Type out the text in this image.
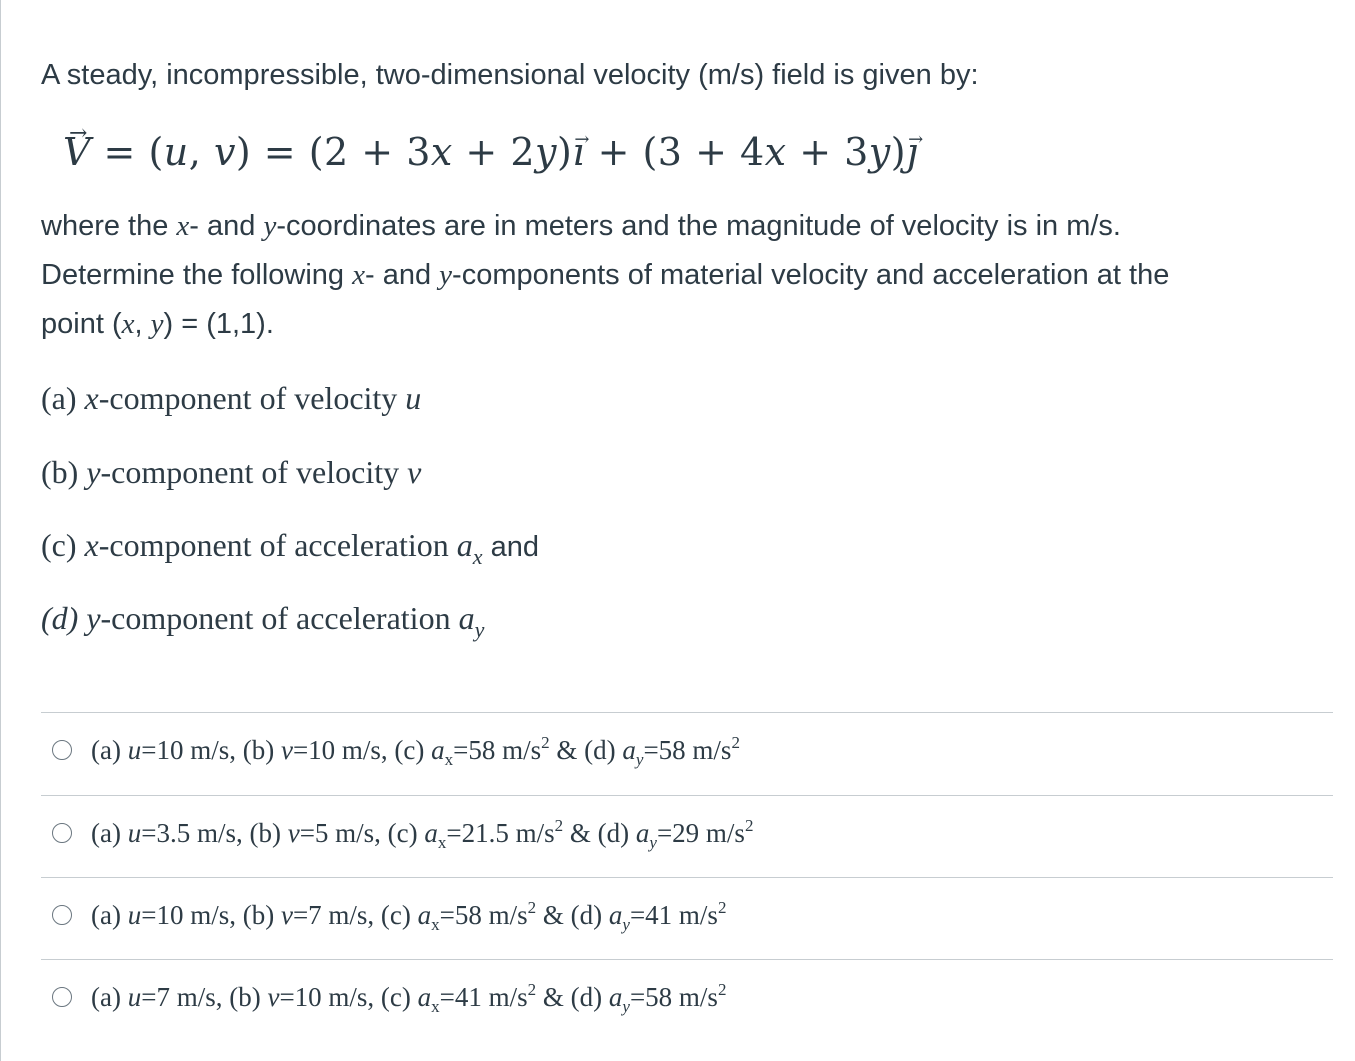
A steady, incompressible, two-dimensional velocity (m/s) field is given by:
→ V = (u, v) = (2 + 3x + 2y)→ ı + (3 + 4x + 3y)→ ȷ
where the x- and y-coordinates are in meters and the magnitude of velocity is in m/s.
Determine the following x- and y-components of material velocity and acceleration at the
point (x, y) = (1,1).
(a) x-component of velocity u
(b) y-component of velocity v
(c) x-component of acceleration $a_x$ and
(d) y-component of acceleration $a_y$
(a) u=10 m/s, (b) v=10 m/s, (c) $a_x=58$ $m/s^2$ & (d) $a_y=58$ $m/s^2$
(a) u=3.5 m/s, (b) v=5 m/s, (c) $a_x=21.5$ $m/s^2$ & (d) $a_y=29$ $m/s^2$
(a) u=10 m/s, (b) v=7 m/s, (c) $a_x=58$ $m/s^2$ & (d) $a_y=41$ $m/s^2$
(a) u=7 m/s, (b) v=10 m/s, (c) $a_x=41$ $m/s^2$ & (d) $a_y=58$ $m/s^2$
